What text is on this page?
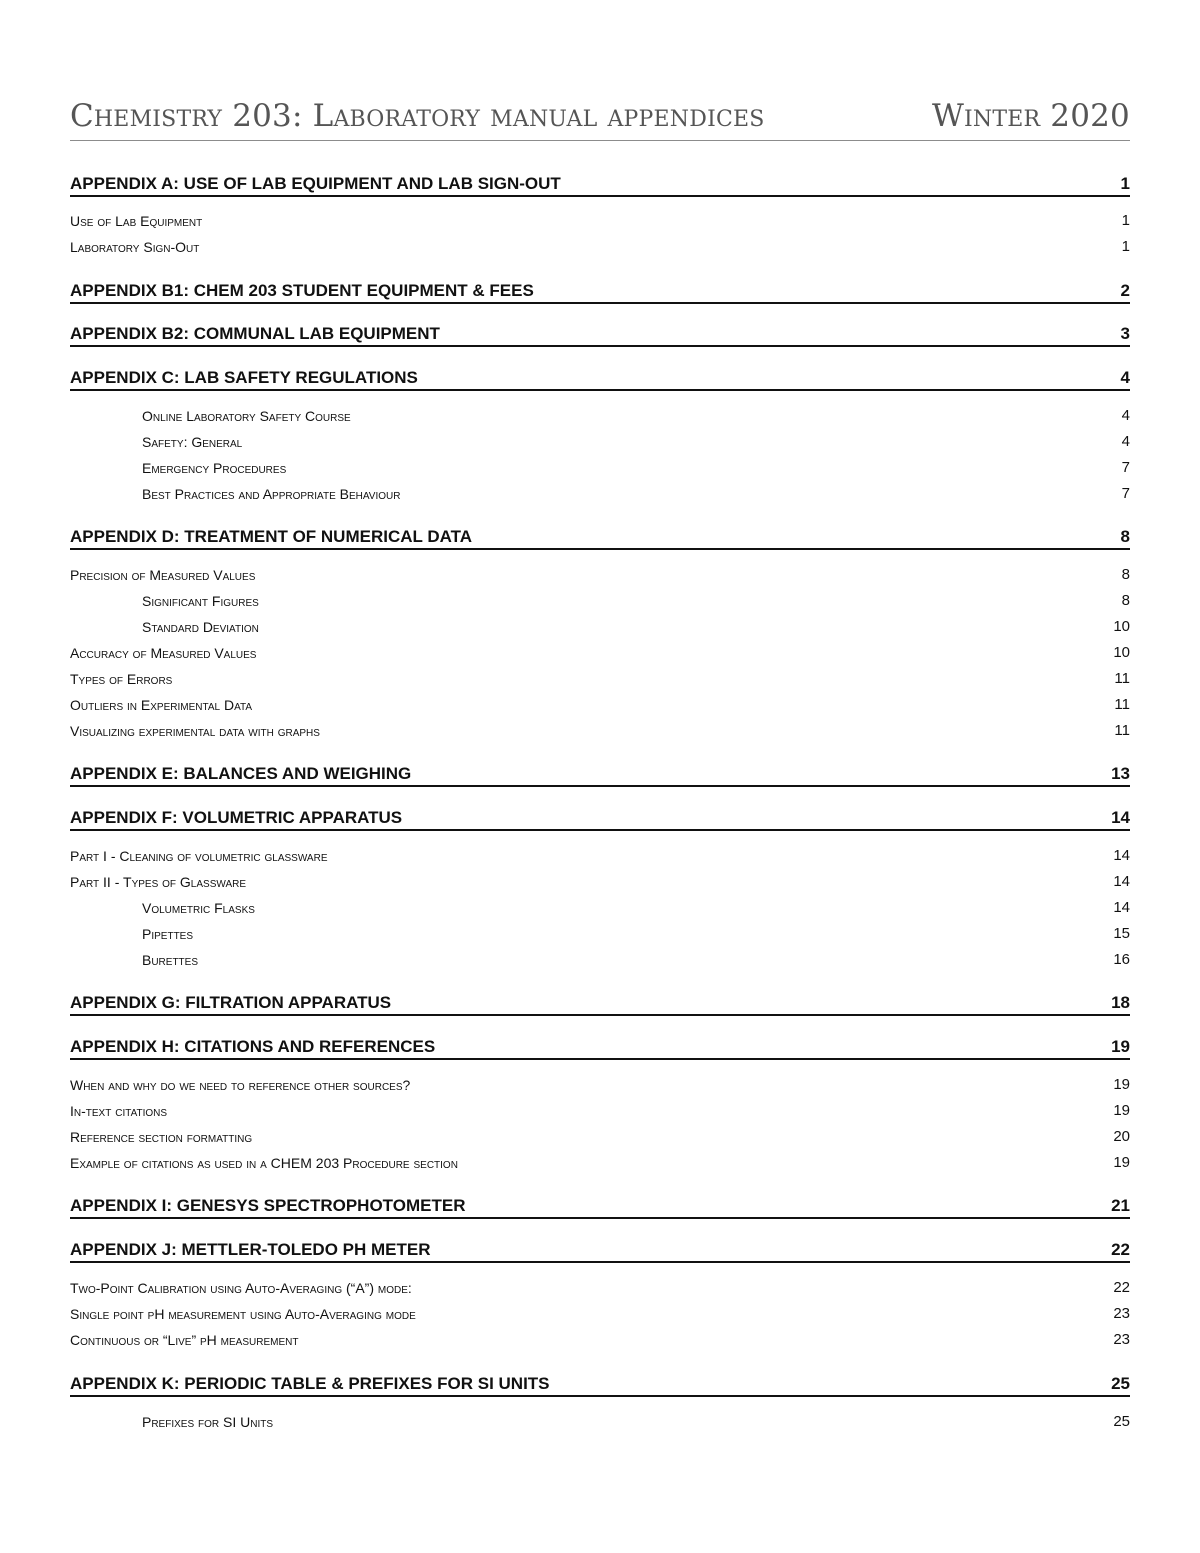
Chemistry 203: Laboratory manual appendices	Winter 2020
APPENDIX A: USE OF LAB EQUIPMENT AND LAB SIGN-OUT	1
Use of Lab Equipment	1
Laboratory Sign-Out	1
APPENDIX B1: CHEM 203 STUDENT EQUIPMENT & FEES	2
APPENDIX B2: COMMUNAL LAB EQUIPMENT	3
APPENDIX C: LAB SAFETY REGULATIONS	4
Online Laboratory Safety Course	4
Safety: General	4
Emergency Procedures	7
Best Practices and Appropriate Behaviour	7
APPENDIX D: TREATMENT OF NUMERICAL DATA	8
Precision of Measured Values	8
Significant Figures	8
Standard Deviation	10
Accuracy of Measured Values	10
Types of Errors	11
Outliers in Experimental Data	11
Visualizing experimental data with graphs	11
APPENDIX E: BALANCES AND WEIGHING	13
APPENDIX F: VOLUMETRIC APPARATUS	14
Part I - Cleaning of volumetric glassware	14
Part II - Types of Glassware	14
Volumetric Flasks	14
Pipettes	15
Burettes	16
APPENDIX G: FILTRATION APPARATUS	18
APPENDIX H: CITATIONS AND REFERENCES	19
When and why do we need to reference other sources?	19
In-text citations	19
Reference section formatting	20
Example of citations as used in a CHEM 203 Procedure section	19
APPENDIX I: GENESYS SPECTROPHOTOMETER	21
APPENDIX J: METTLER-TOLEDO PH METER	22
Two-Point Calibration using Auto-Averaging (“A”) mode:	22
Single point pH measurement using Auto-Averaging mode	23
Continuous or “Live” pH measurement	23
APPENDIX K: PERIODIC TABLE & PREFIXES FOR SI UNITS	25
Prefixes for SI Units	25
